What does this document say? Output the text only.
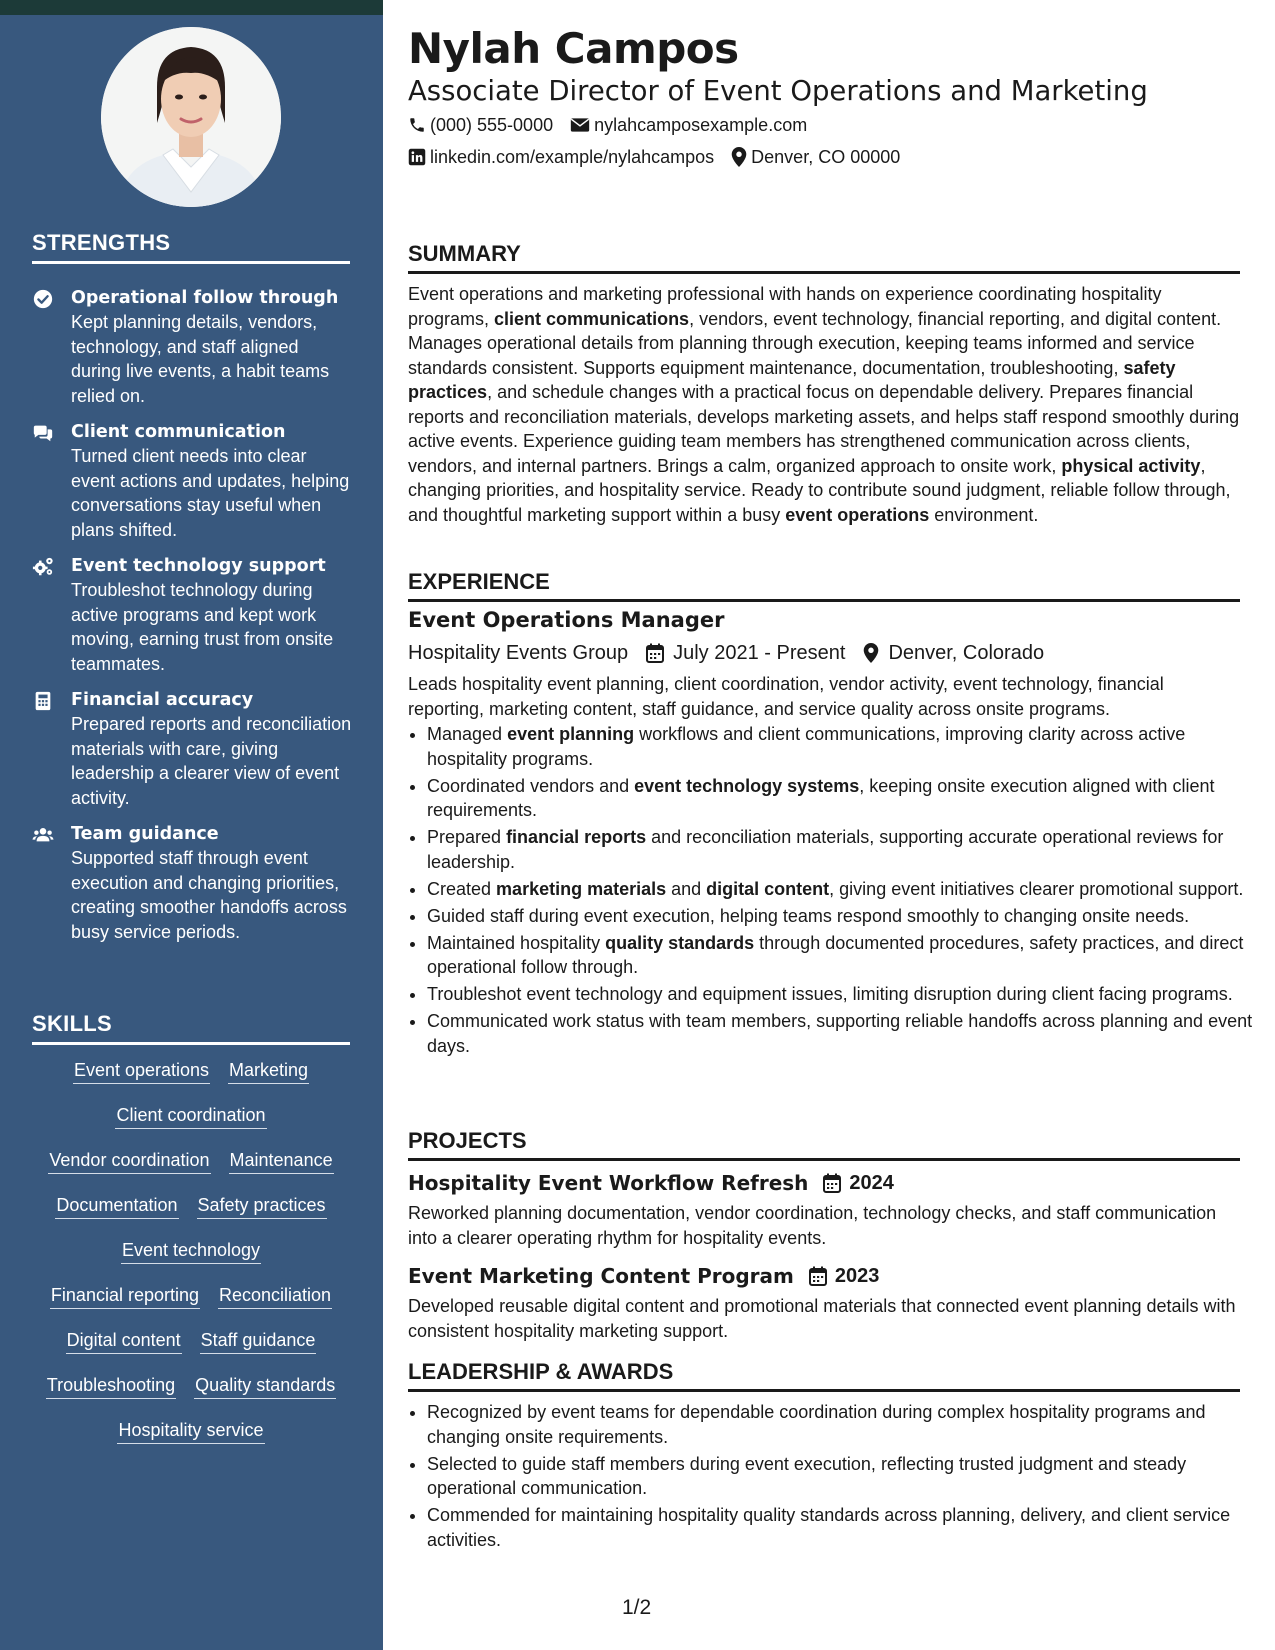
STRENGTHS
Operational follow through
Kept planning details, vendors, technology, and staff aligned during live events, a habit teams relied on.
Client communication
Turned client needs into clear event actions and updates, helping conversations stay useful when plans shifted.
Event technology support
Troubleshot technology during active programs and kept work moving, earning trust from onsite teammates.
Financial accuracy
Prepared reports and reconciliation materials with care, giving leadership a clearer view of event activity.
Team guidance
Supported staff through event execution and changing priorities, creating smoother handoffs across busy service periods.
SKILLS
Event operations Marketing
Client coordination
Vendor coordination Maintenance
Documentation Safety practices
Event technology
Financial reporting Reconciliation
Digital content Staff guidance
Troubleshooting Quality standards
Hospitality service
Nylah Campos
Associate Director of Event Operations and Marketing
(000) 555-0000 nylahcamposexample.com
linkedin.com/example/nylahcampos Denver, CO 00000
SUMMARY
Event operations and marketing professional with hands on experience coordinating hospitality programs, client communications, vendors, event technology, financial reporting, and digital content. Manages operational details from planning through execution, keeping teams informed and service standards consistent. Supports equipment maintenance, documentation, troubleshooting, safety practices, and schedule changes with a practical focus on dependable delivery. Prepares financial reports and reconciliation materials, develops marketing assets, and helps staff respond smoothly during active events. Experience guiding team members has strengthened communication across clients, vendors, and internal partners. Brings a calm, organized approach to onsite work, physical activity, changing priorities, and hospitality service. Ready to contribute sound judgment, reliable follow through, and thoughtful marketing support within a busy event operations environment.
EXPERIENCE
Event Operations Manager
Hospitality Events Group July 2021 - Present Denver, Colorado
Leads hospitality event planning, client coordination, vendor activity, event technology, financial reporting, marketing content, staff guidance, and service quality across onsite programs.
• Managed event planning workflows and client communications, improving clarity across active hospitality programs.
• Coordinated vendors and event technology systems, keeping onsite execution aligned with client requirements.
• Prepared financial reports and reconciliation materials, supporting accurate operational reviews for leadership.
• Created marketing materials and digital content, giving event initiatives clearer promotional support.
• Guided staff during event execution, helping teams respond smoothly to changing onsite needs.
• Maintained hospitality quality standards through documented procedures, safety practices, and direct operational follow through.
• Troubleshot event technology and equipment issues, limiting disruption during client facing programs.
• Communicated work status with team members, supporting reliable handoffs across planning and event days.
PROJECTS
Hospitality Event Workflow Refresh 2024
Reworked planning documentation, vendor coordination, technology checks, and staff communication into a clearer operating rhythm for hospitality events.
Event Marketing Content Program 2023
Developed reusable digital content and promotional materials that connected event planning details with consistent hospitality marketing support.
LEADERSHIP & AWARDS
• Recognized by event teams for dependable coordination during complex hospitality programs and changing onsite requirements.
• Selected to guide staff members during event execution, reflecting trusted judgment and steady operational communication.
• Commended for maintaining hospitality quality standards across planning, delivery, and client service activities.
1/2
